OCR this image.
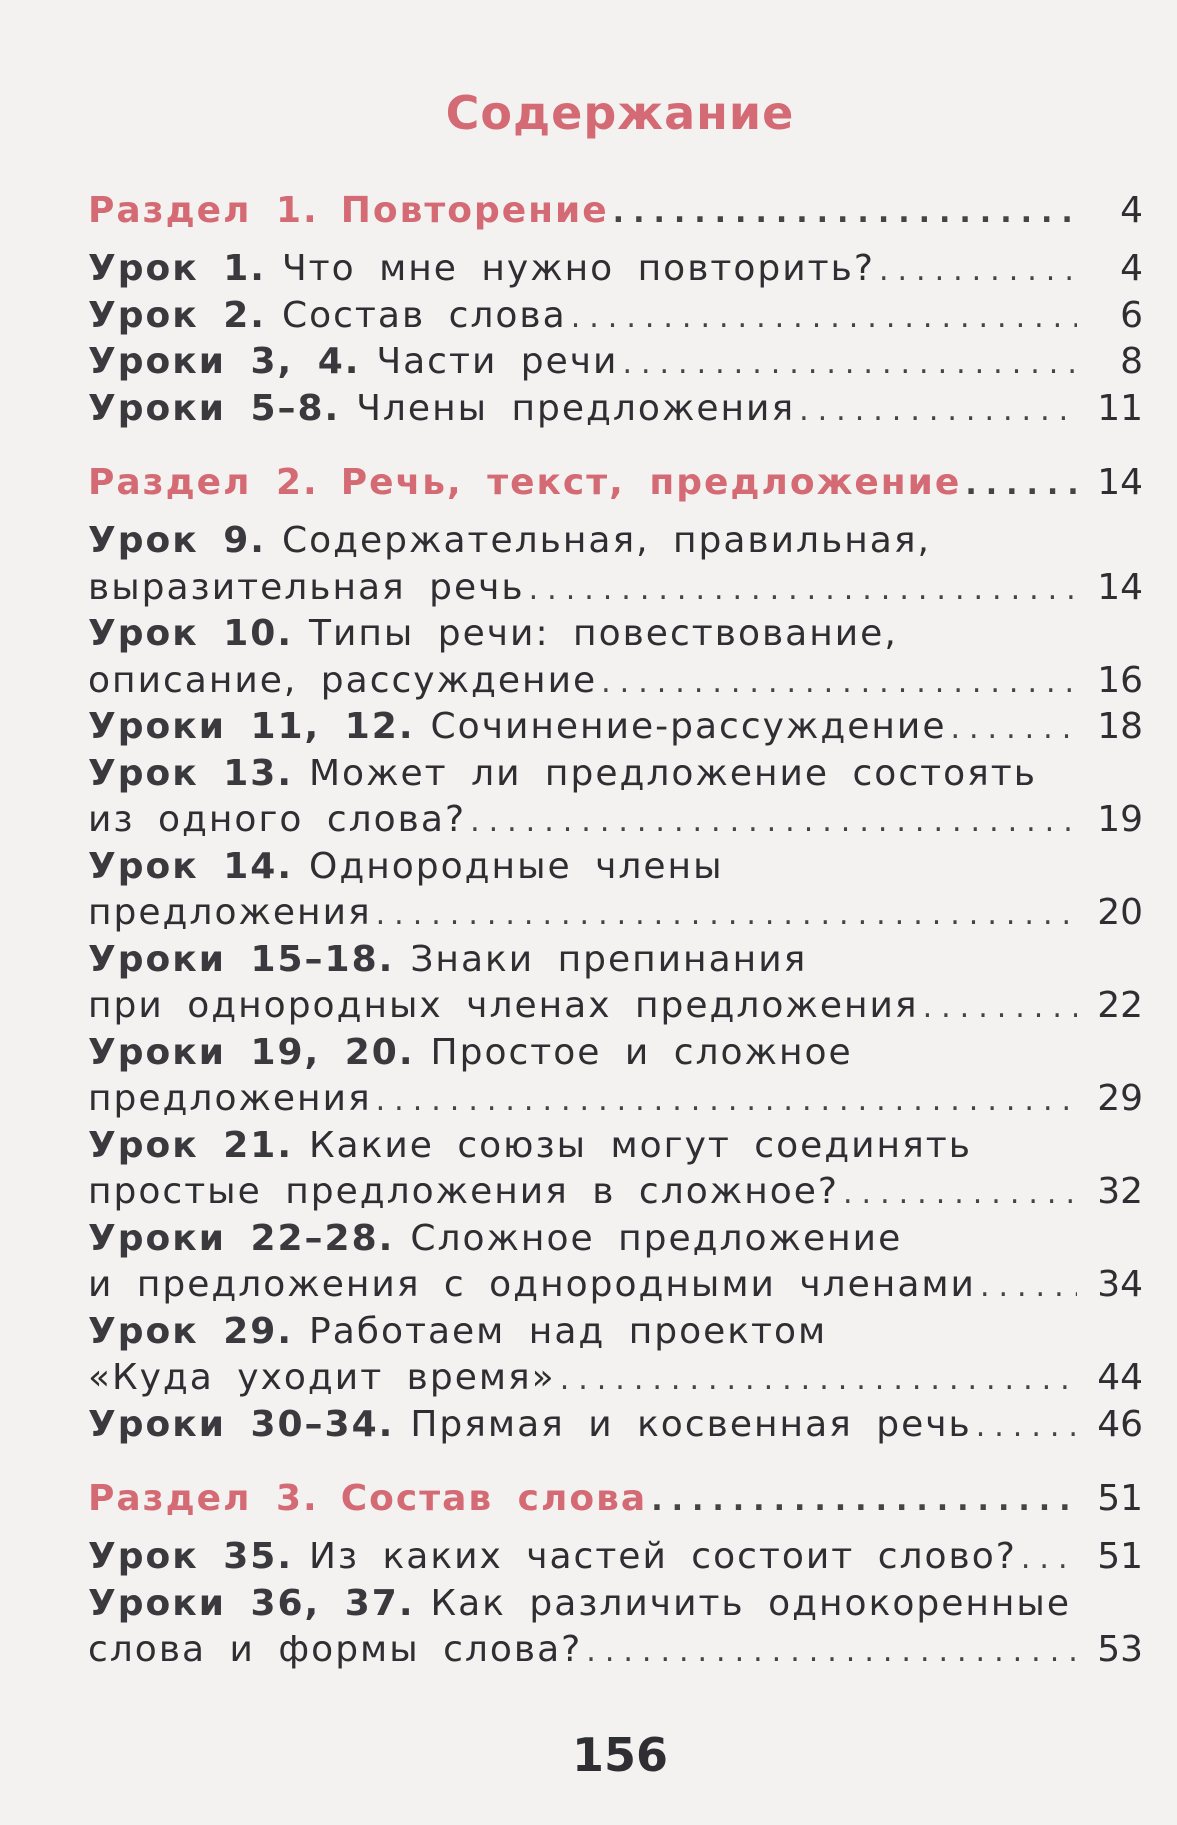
Содержание
Раздел 1. Повторение .....	4
Урок 1. Что мне нужно повторить? .....	4
Урок 2. Состав слова .....	6
Уроки 3, 4. Части речи .....	8
Уроки 5–8. Члены предложения .....	11
Раздел 2. Речь, текст, предложение .....	14
Урок 9. Содержательная, правильная,
выразительная речь .....	14
Урок 10. Типы речи: повествование,
описание, рассуждение .....	16
Уроки 11, 12. Сочинение-рассуждение .....	18
Урок 13. Может ли предложение состоять
из одного слова? .....	19
Урок 14. Однородные члены
предложения .....	20
Уроки 15–18. Знаки препинания
при однородных членах предложения .....	22
Уроки 19, 20. Простое и сложное
предложения .....	29
Урок 21. Какие союзы могут соединять
простые предложения в сложное? .....	32
Уроки 22–28. Сложное предложение
и предложения с однородными членами .....	34
Урок 29. Работаем над проектом
«Куда уходит время» .....	44
Уроки 30–34. Прямая и косвенная речь .....	46
Раздел 3. Состав слова .....	51
Урок 35. Из каких частей состоит слово? ..... 51
Уроки 36, 37. Как различить однокоренные
слова и формы слова? .....	53
156
